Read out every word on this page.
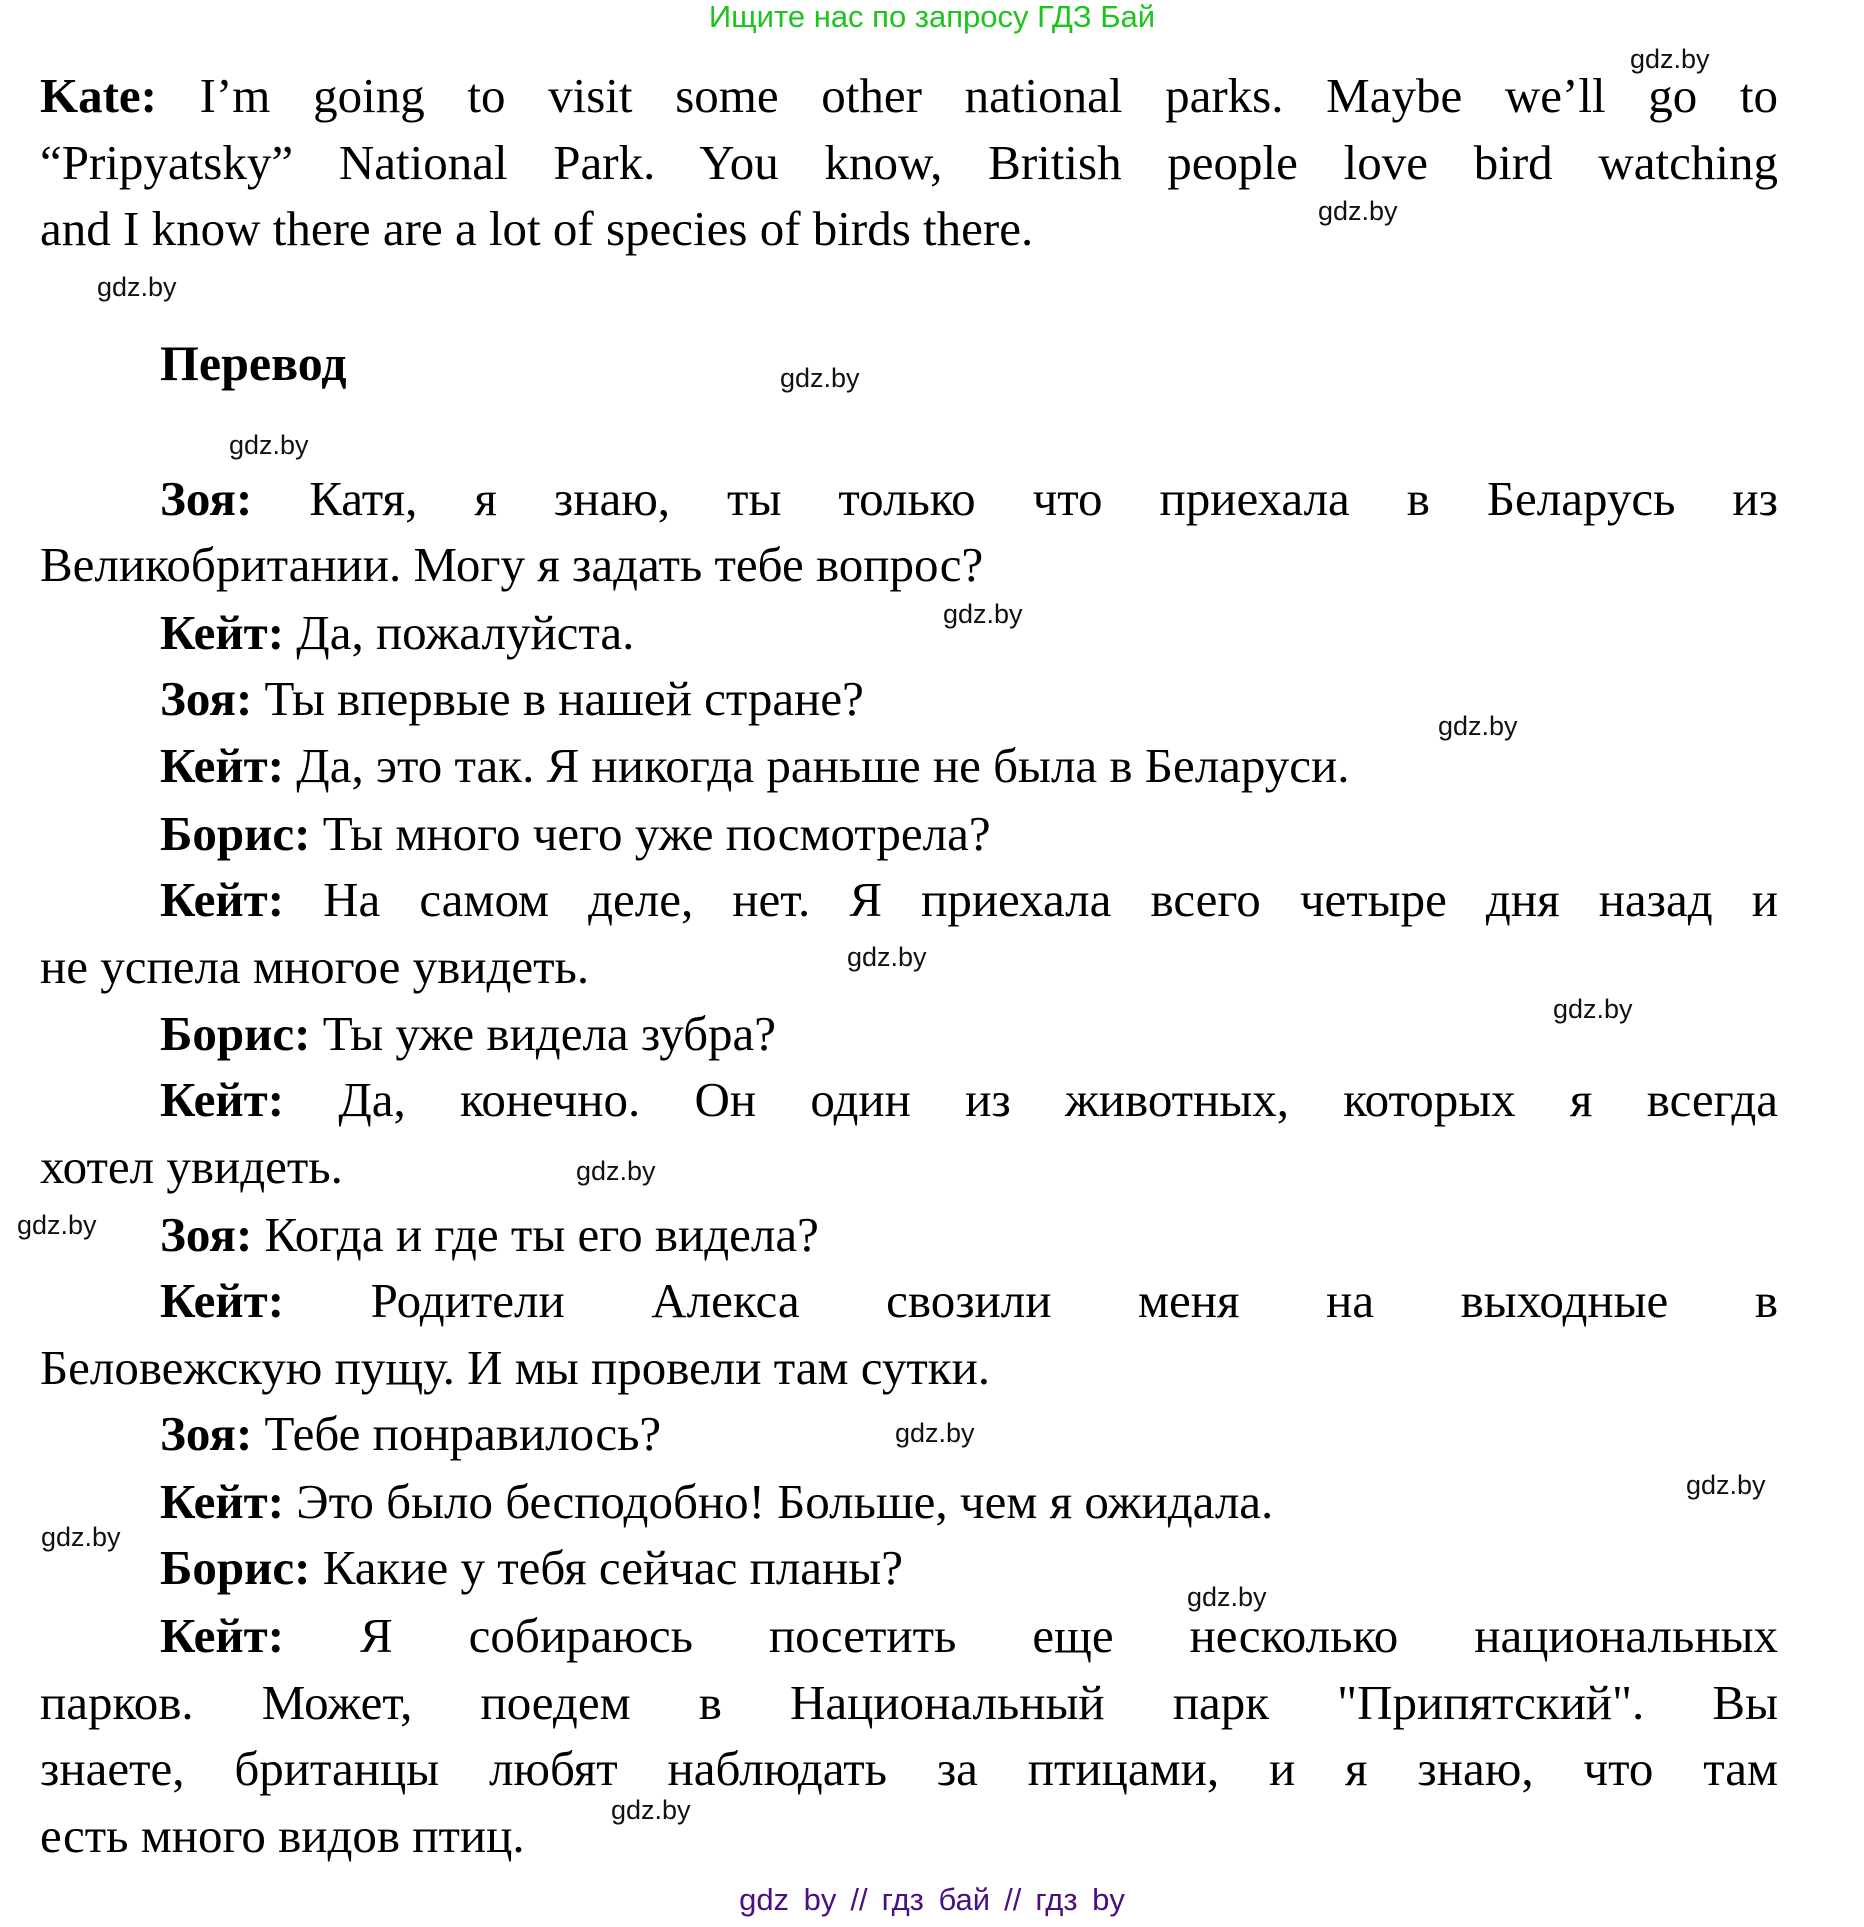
Ищите нас по запросу ГДЗ Бай
Kate: I’m going to visit some other national parks. Maybe we’ll go to
“Pripyatsky” National Park. You know, British people love bird watching
and I know there are a lot of species of birds there.
Перевод
Зоя: Катя, я знаю, ты только что приехала в Беларусь из
Великобритании. Могу я задать тебе вопрос?
Кейт: Да, пожалуйста.
Зоя: Ты впервые в нашей стране?
Кейт: Да, это так. Я никогда раньше не была в Беларуси.
Борис: Ты много чего уже посмотрела?
Кейт: На самом деле, нет. Я приехала всего четыре дня назад и
не успела многое увидеть.
Борис: Ты уже видела зубра?
Кейт: Да, конечно. Он один из животных, которых я всегда
хотел увидеть.
Зоя: Когда и где ты его видела?
Кейт: Родители Алекса свозили меня на выходные в
Беловежскую пущу. И мы провели там сутки.
Зоя: Тебе понравилось?
Кейт: Это было бесподобно! Больше, чем я ожидала.
Борис: Какие у тебя сейчас планы?
Кейт: Я собираюсь посетить еще несколько национальных
парков. Может, поедем в Национальный парк "Припятский". Вы
знаете, британцы любят наблюдать за птицами, и я знаю, что там
есть много видов птиц.
gdz.by
gdz.by
gdz.by
gdz.by
gdz.by
gdz.by
gdz.by
gdz.by
gdz.by
gdz.by
gdz.by
gdz.by
gdz.by
gdz.by
gdz.by
gdz.by
gdz by // гдз бай // гдз by
